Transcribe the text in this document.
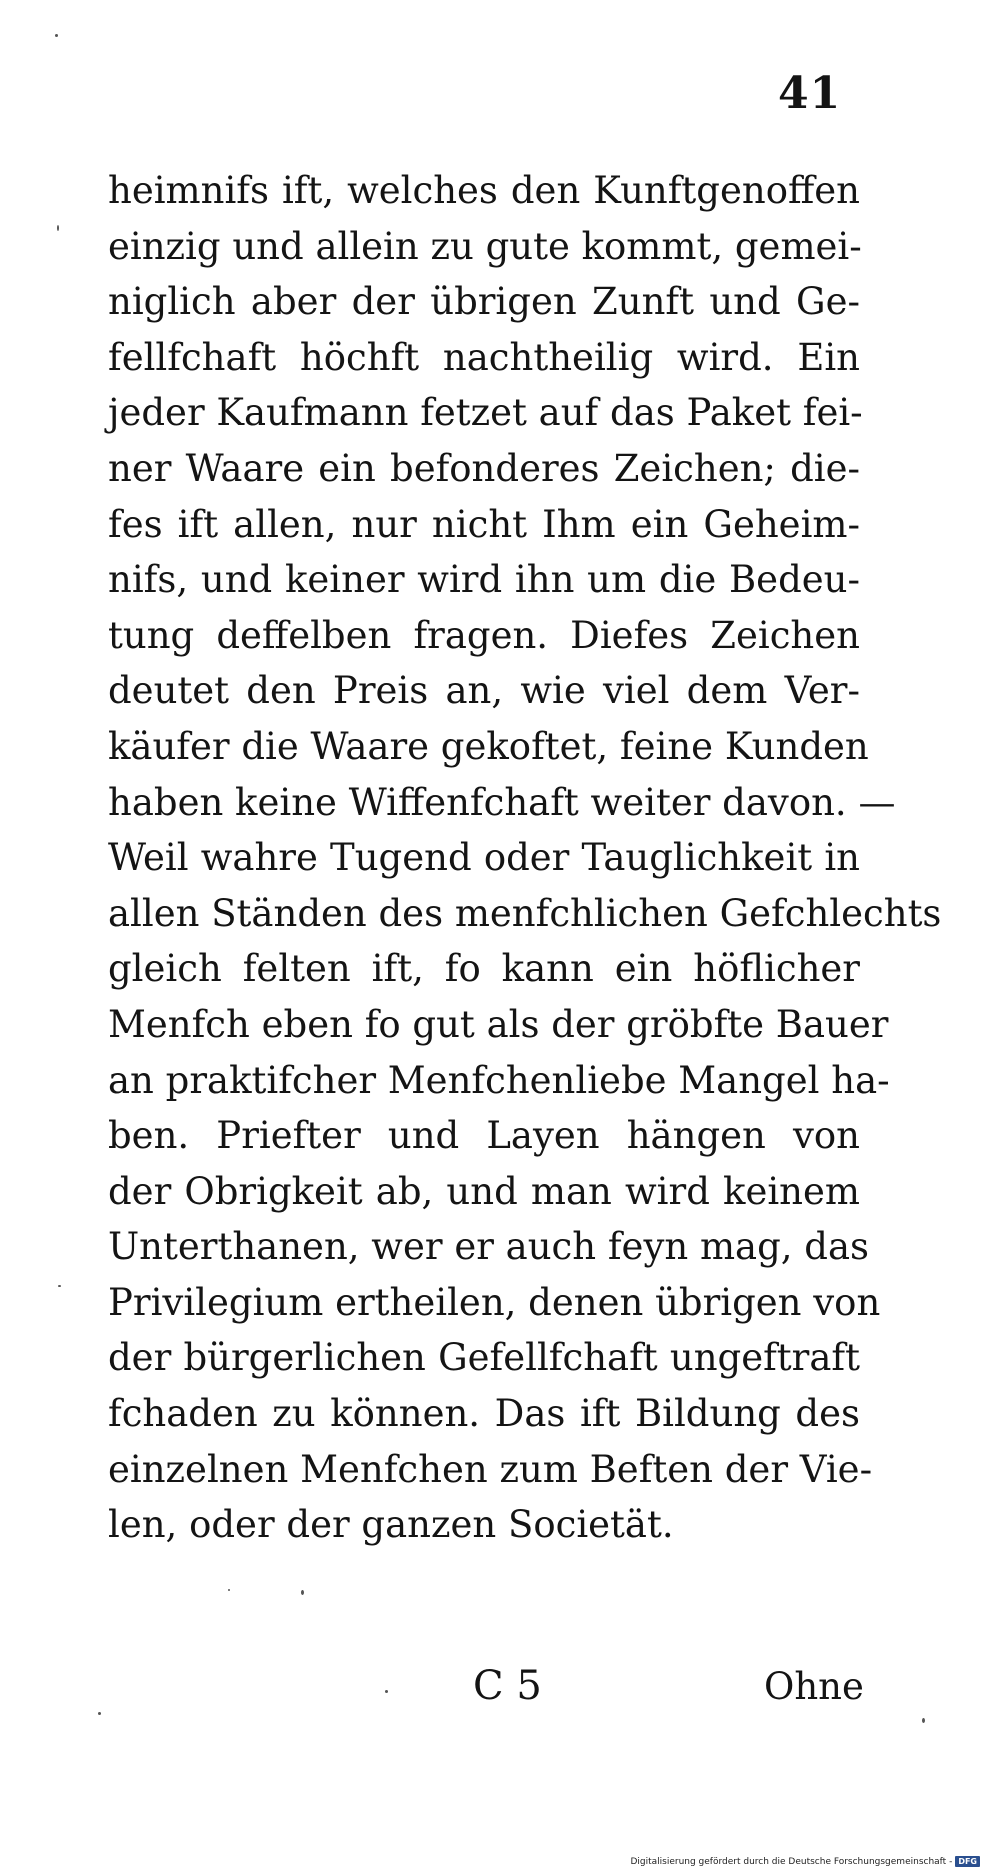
41
heimnifs ift, welches den Kunftgenoffen
einzig und allein zu gute kommt, gemei-
niglich aber der übrigen Zunft und Ge-
fellfchaft höchft nachtheilig wird. Ein
jeder Kaufmann fetzet auf das Paket fei-
ner Waare ein befonderes Zeichen; die-
fes ift allen, nur nicht Ihm ein Geheim-
nifs, und keiner wird ihn um die Bedeu-
tung deffelben fragen. Diefes Zeichen
deutet den Preis an, wie viel dem Ver-
käufer die Waare gekoftet, feine Kunden
haben keine Wiffenfchaft weiter davon. —
Weil wahre Tugend oder Tauglichkeit in
allen Ständen des menfchlichen Gefchlechts
gleich felten ift, fo kann ein höflicher
Menfch eben fo gut als der gröbfte Bauer
an praktifcher Menfchenliebe Mangel ha-
ben. Priefter und Layen hängen von
der Obrigkeit ab, und man wird keinem
Unterthanen, wer er auch feyn mag, das
Privilegium ertheilen, denen übrigen von
der bürgerlichen Gefellfchaft ungeftraft
fchaden zu können. Das ift Bildung des
einzelnen Menfchen zum Beften der Vie-
len, oder der ganzen Societät.
C 5	Ohne
Digitalisierung gefördert durch die Deutsche Forschungsgemeinschaft - DFG
